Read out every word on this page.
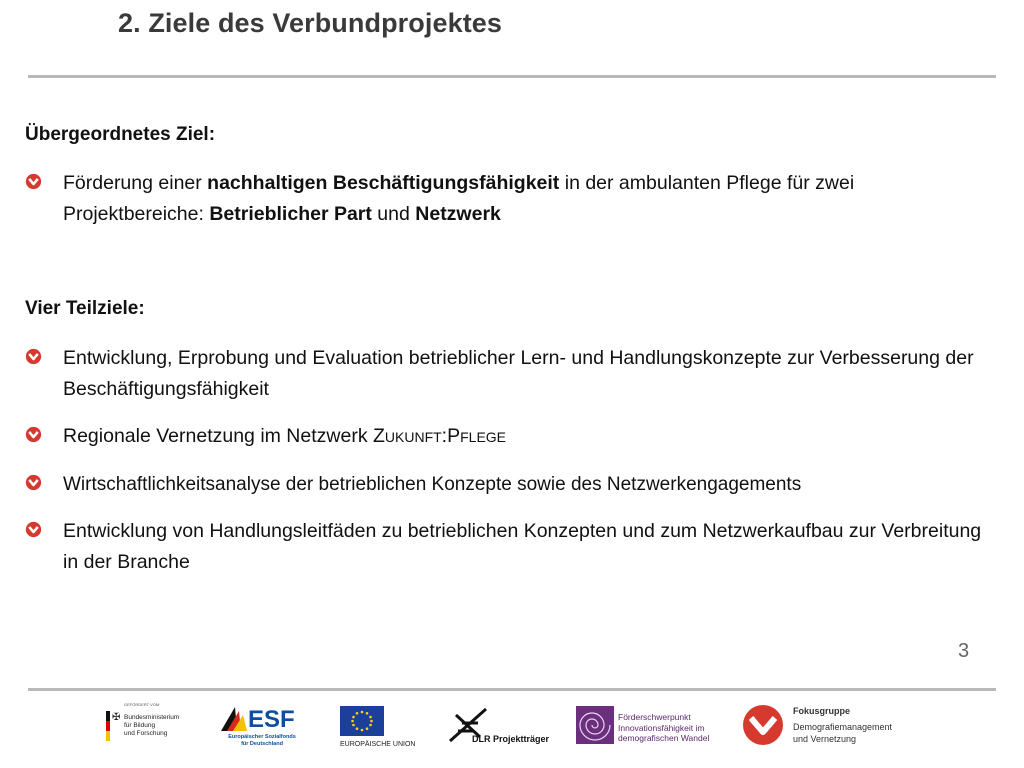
2. Ziele des Verbundprojektes
Übergeordnetes Ziel:
Förderung einer nachhaltigen Beschäftigungsfähigkeit in der ambulanten Pflege für zwei Projektbereiche: Betrieblicher Part und Netzwerk
Vier Teilziele:
Entwicklung, Erprobung und Evaluation betrieblicher Lern- und Handlungskonzepte zur Verbesserung der Beschäftigungsfähigkeit
Regionale Vernetzung im Netzwerk Zukunft:Pflege
Wirtschaftlichkeitsanalyse der betrieblichen Konzepte sowie des Netzwerkengagements
Entwicklung von Handlungsleitfäden zu betrieblichen Konzepten und zum Netzwerkaufbau zur Verbreitung in der Branche
3
GEFÖRDERT VOM
✠ Bundesministerium
für Bildung
und Forschung
ESF
Europäischer Sozialfonds
für Deutschland	EUROPÄISCHE UNION
DLR Projektträger
Förderschwerpunkt
Innovationsfähigkeit im
demografischen Wandel
Fokusgruppe
Demografiemanagement
und Vernetzung
